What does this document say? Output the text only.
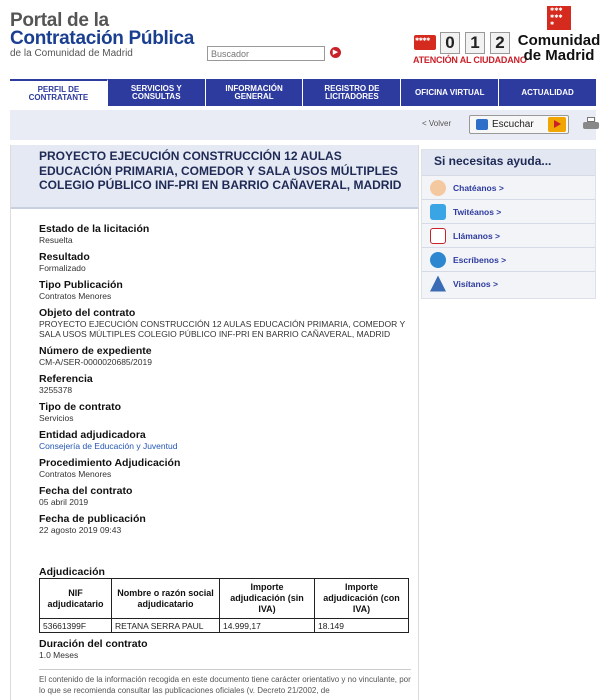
Portal de la
Contratación Pública
de la Comunidad de Madrid
Buscador	▶
✱✱✱✱
0 1 2
ATENCIÓN AL CIUDADANO
✱✱✱ ✱✱✱ ✱
Comunidad
de Madrid
PERFIL DE CONTRATANTE
SERVICIOS Y CONSULTAS
INFORMACIÓN GENERAL
REGISTRO DE LICITADORES	OFICINA VIRTUAL	ACTUALIDAD
< Volver	Escuchar
PROYECTO EJECUCIÓN CONSTRUCCIÓN 12 AULAS EDUCACIÓN PRIMARIA, COMEDOR Y SALA USOS MÚLTIPLES COLEGIO PÚBLICO INF-PRI EN BARRIO CAÑAVERAL, MADRID
Estado de la licitación
Resuelta
Resultado
Formalizado
Tipo Publicación
Contratos Menores
Objeto del contrato
PROYECTO EJECUCIÓN CONSTRUCCIÓN 12 AULAS EDUCACIÓN PRIMARIA, COMEDOR Y SALA USOS MÚLTIPLES COLEGIO PÚBLICO INF-PRI EN BARRIO CAÑAVERAL, MADRID
Número de expediente
CM-A/SER-0000020685/2019
Referencia
3255378
Tipo de contrato
Servicios
Entidad adjudicadora
Consejería de Educación y Juventud
Procedimiento Adjudicación
Contratos Menores
Fecha del contrato
05 abril 2019
Fecha de publicación
22 agosto 2019 09:43
Adjudicación
NIF adjudicatario	Nombre o razón social adjudicatario	Importe adjudicación (sin IVA)	Importe adjudicación (con IVA)
53661399F	RETANA SERRA PAUL	14.999,17	18.149
Duración del contrato
1.0 Meses
El contenido de la información recogida en este documento tiene carácter orientativo y no vinculante, por lo que se recomienda consultar las publicaciones oficiales (v. Decreto 21/2002, de
Si necesitas ayuda...
Chatéanos >
Twitéanos >
Llámanos >
Escríbenos >
Visítanos >
